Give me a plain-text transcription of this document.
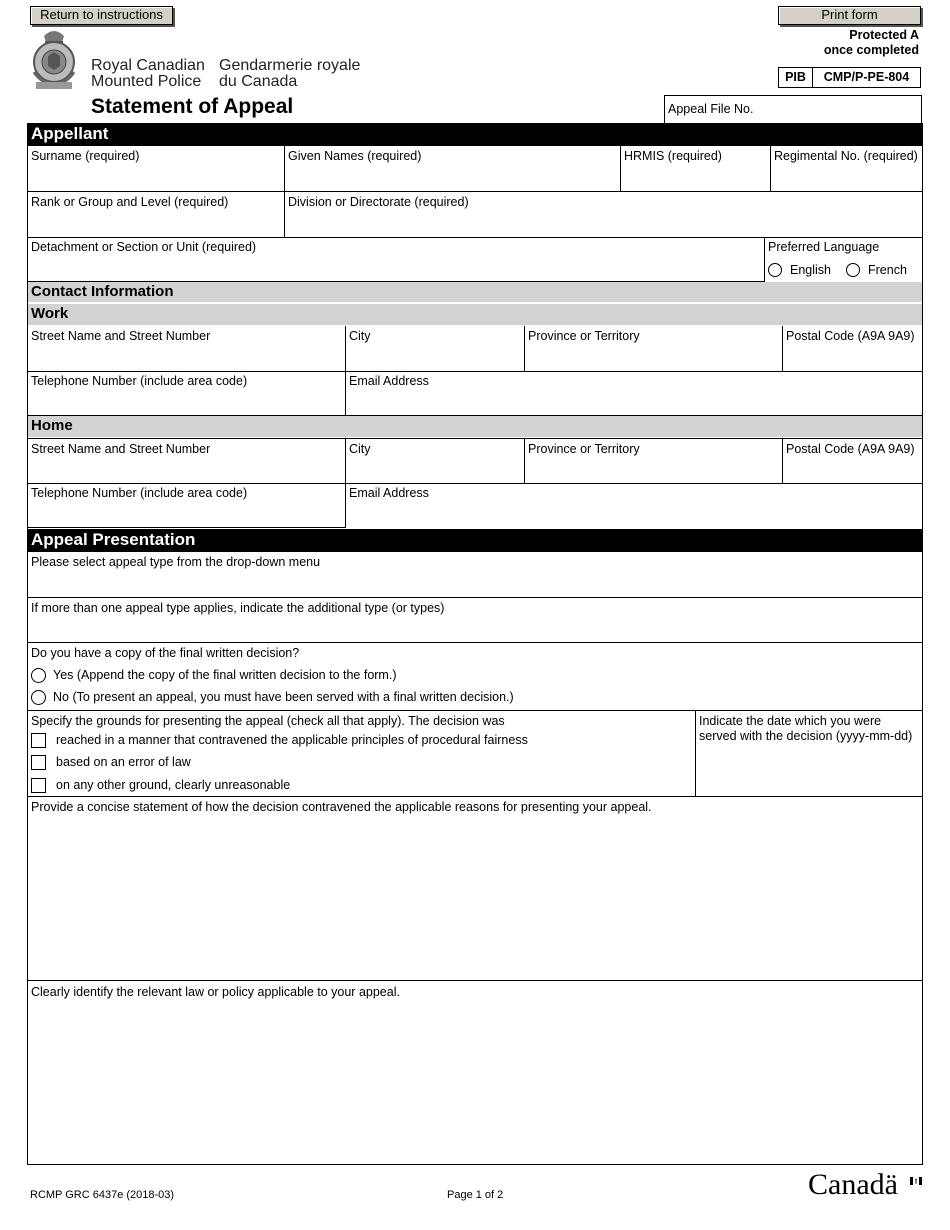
Return to instructions	Print form
Protected A
once completed
PIB	CMP/P-PE-804
Royal Canadian
Mounted Police
Gendarmerie royale
du Canada
Statement of Appeal	Appeal File No.
Appellant
Surname (required)	Given Names (required)	HRMIS (required)	Regimental No. (required)
Rank or Group and Level (required)	Division or Directorate (required)
Detachment or Section or Unit (required)	Preferred Language
English	French
Contact Information
Work
Street Name and Street Number	City	Province or Territory	Postal Code (A9A 9A9)
Telephone Number (include area code)	Email Address
Home
Street Name and Street Number	City	Province or Territory	Postal Code (A9A 9A9)
Telephone Number (include area code)	Email Address
Appeal Presentation
Please select appeal type from the drop-down menu
If more than one appeal type applies, indicate the additional type (or types)
Do you have a copy of the final written decision?
Yes (Append the copy of the final written decision to the form.)
No (To present an appeal, you must have been served with a final written decision.)
Specify the grounds for presenting the appeal (check all that apply). The decision was
reached in a manner that contravened the applicable principles of procedural fairness
based on an error of law
on any other ground, clearly unreasonable
Indicate the date which you were
served with the decision (yyyy-mm-dd)
Provide a concise statement of how the decision contravened the applicable reasons for presenting your appeal.
Clearly identify the relevant law or policy applicable to your appeal.
RCMP GRC 6437e (2018-03)	Page 1 of 2	Canadä
